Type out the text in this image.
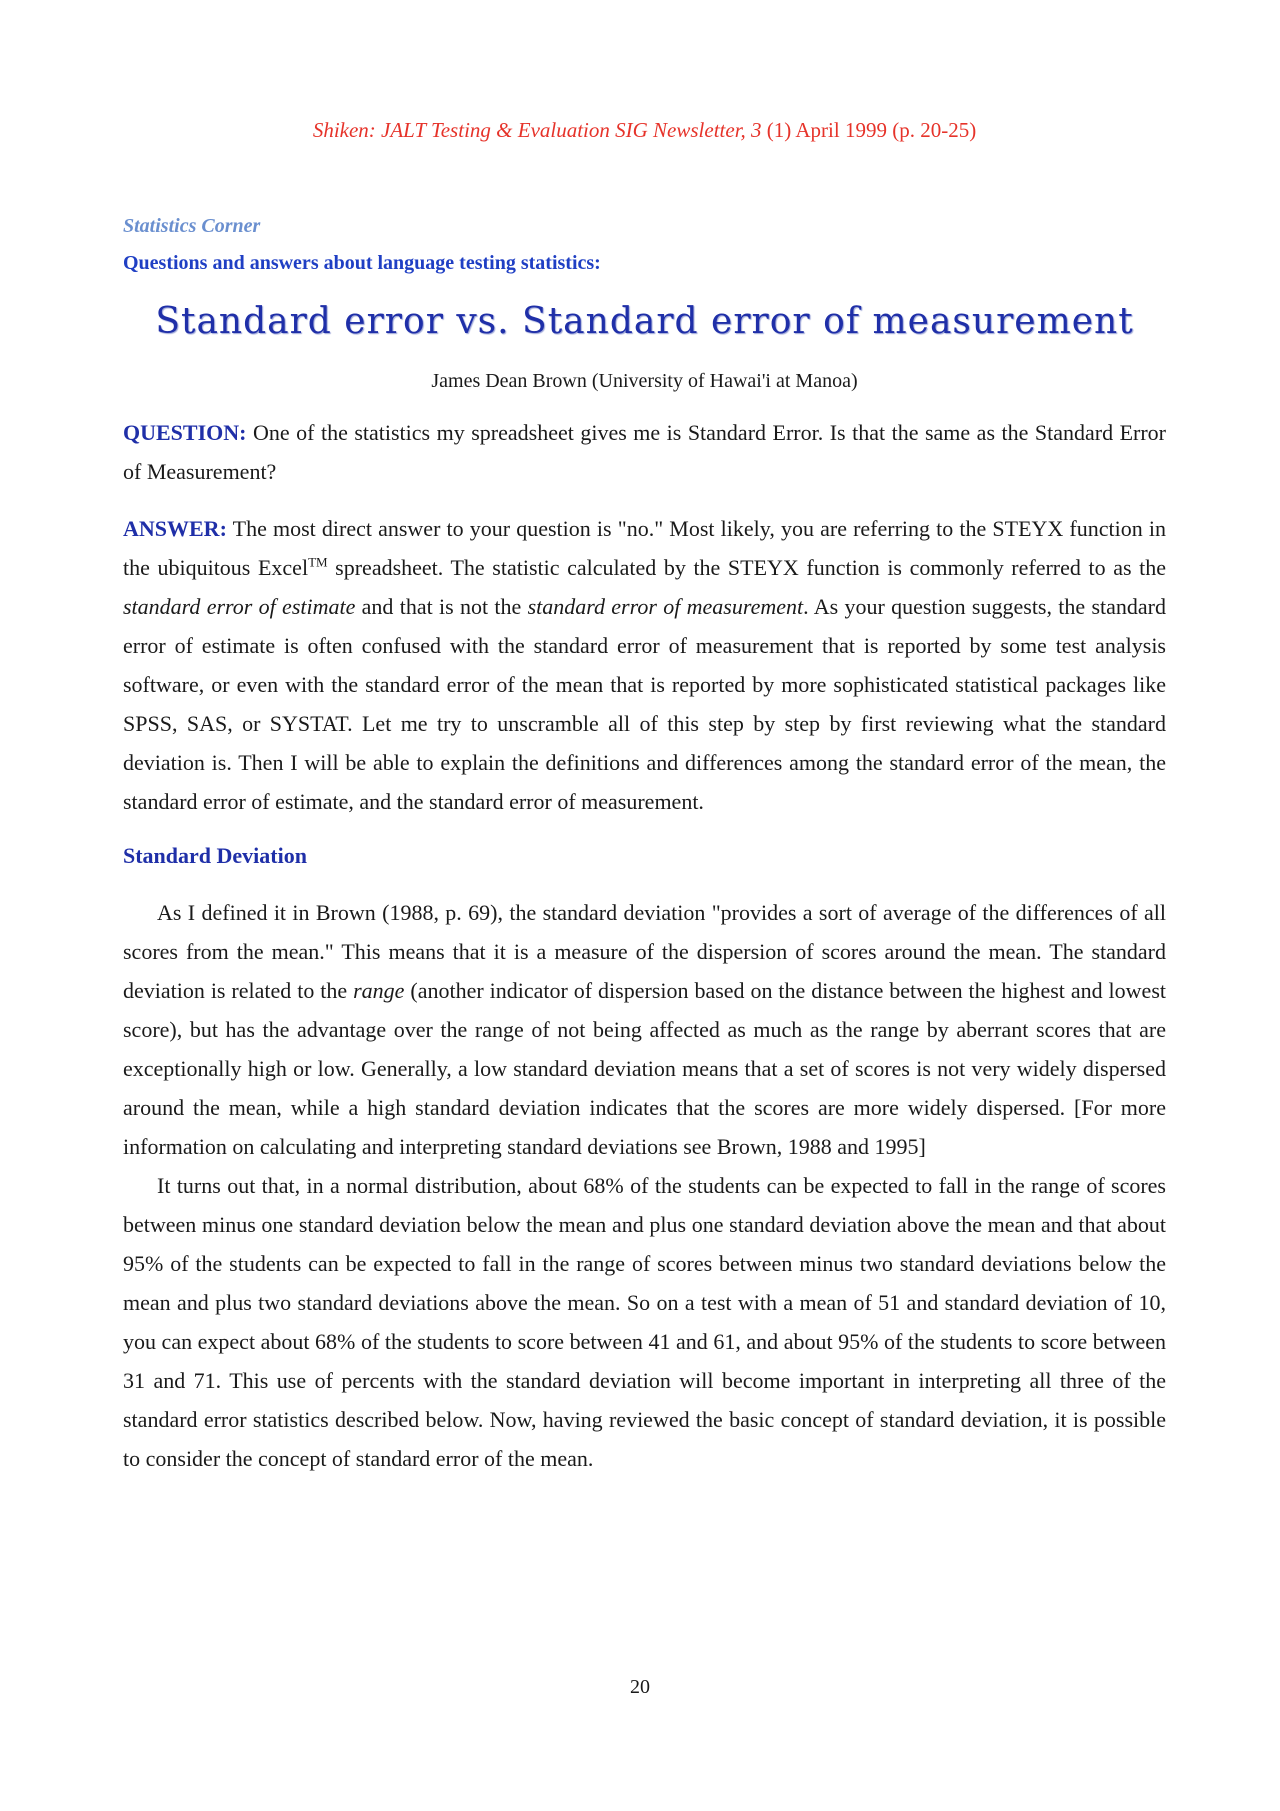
Shiken: JALT Testing & Evaluation SIG Newsletter, 3 (1) April 1999 (p. 20-25)

Statistics Corner

Questions and answers about language testing statistics:

Standard error vs. Standard error of measurement

James Dean Brown (University of Hawai'i at Manoa)

QUESTION: One of the statistics my spreadsheet gives me is Standard Error. Is that the same as the Standard Error of Measurement?

ANSWER: The most direct answer to your question is "no." Most likely, you are referring to the STEYX function in the ubiquitous Excel™ spreadsheet. The statistic calculated by the STEYX function is commonly referred to as the standard error of estimate and that is not the standard error of measurement. As your question suggests, the standard error of estimate is often confused with the standard error of measurement that is reported by some test analysis software, or even with the standard error of the mean that is reported by more sophisticated statistical packages like SPSS, SAS, or SYSTAT. Let me try to unscramble all of this step by step by first reviewing what the standard deviation is. Then I will be able to explain the definitions and differences among the standard error of the mean, the standard error of estimate, and the standard error of measurement.

Standard Deviation

As I defined it in Brown (1988, p. 69), the standard deviation "provides a sort of average of the differences of all scores from the mean." This means that it is a measure of the dispersion of scores around the mean. The standard deviation is related to the range (another indicator of dispersion based on the distance between the highest and lowest score), but has the advantage over the range of not being affected as much as the range by aberrant scores that are exceptionally high or low. Generally, a low standard deviation means that a set of scores is not very widely dispersed around the mean, while a high standard deviation indicates that the scores are more widely dispersed. [For more information on calculating and interpreting standard deviations see Brown, 1988 and 1995]

It turns out that, in a normal distribution, about 68% of the students can be expected to fall in the range of scores between minus one standard deviation below the mean and plus one standard deviation above the mean and that about 95% of the students can be expected to fall in the range of scores between minus two standard deviations below the mean and plus two standard deviations above the mean. So on a test with a mean of 51 and standard deviation of 10, you can expect about 68% of the students to score between 41 and 61, and about 95% of the students to score between 31 and 71. This use of percents with the standard deviation will become important in interpreting all three of the standard error statistics described below. Now, having reviewed the basic concept of standard deviation, it is possible to consider the concept of standard error of the mean.

20
